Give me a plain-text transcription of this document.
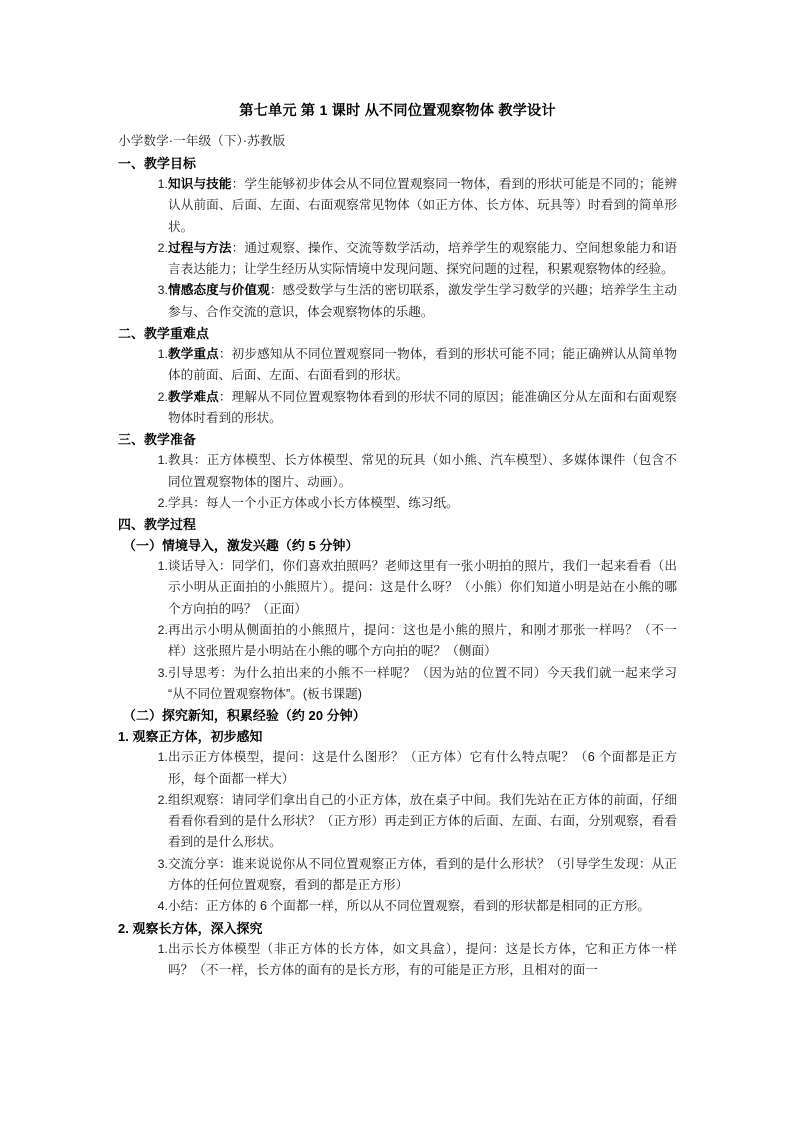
第七单元 第 1 课时 从不同位置观察物体 教学设计
小学数学·一年级（下）·苏教版
一、教学目标
1. 知识与技能：学生能够初步体会从不同位置观察同一物体，看到的形状可能是不同的；能辨认从前面、后面、左面、右面观察常见物体（如正方体、长方体、玩具等）时看到的简单形状。
2. 过程与方法：通过观察、操作、交流等数学活动，培养学生的观察能力、空间想象能力和语言表达能力；让学生经历从实际情境中发现问题、探究问题的过程，积累观察物体的经验。
3. 情感态度与价值观：感受数学与生活的密切联系，激发学生学习数学的兴趣；培养学生主动参与、合作交流的意识，体会观察物体的乐趣。
二、教学重难点
1. 教学重点：初步感知从不同位置观察同一物体，看到的形状可能不同；能正确辨认从简单物体的前面、后面、左面、右面看到的形状。
2. 教学难点：理解从不同位置观察物体看到的形状不同的原因；能准确区分从左面和右面观察物体时看到的形状。
三、教学准备
1. 教具：正方体模型、长方体模型、常见的玩具（如小熊、汽车模型）、多媒体课件（包含不同位置观察物体的图片、动画）。
2. 学具：每人一个小正方体或小长方体模型、练习纸。
四、教学过程
（一）情境导入，激发兴趣（约 5 分钟）
1. 谈话导入：同学们，你们喜欢拍照吗？老师这里有一张小明拍的照片，我们一起来看看（出示小明从正面拍的小熊照片）。提问：这是什么呀？（小熊）你们知道小明是站在小熊的哪个方向拍的吗？（正面）
2. 再出示小明从侧面拍的小熊照片，提问：这也是小熊的照片，和刚才那张一样吗？（不一样）这张照片是小明站在小熊的哪个方向拍的呢？（侧面）
3. 引导思考：为什么拍出来的小熊不一样呢？（因为站的位置不同）今天我们就一起来学习“从不同位置观察物体”。(板书课题)
（二）探究新知，积累经验（约 20 分钟）
1. 观察正方体，初步感知
1. 出示正方体模型，提问：这是什么图形？（正方体）它有什么特点呢？（6 个面都是正方形，每个面都一样大）
2. 组织观察：请同学们拿出自己的小正方体，放在桌子中间。我们先站在正方体的前面，仔细看看你看到的是什么形状？（正方形）再走到正方体的后面、左面、右面，分别观察，看看看到的是什么形状。
3. 交流分享：谁来说说你从不同位置观察正方体，看到的是什么形状？（引导学生发现：从正方体的任何位置观察，看到的都是正方形）
4. 小结：正方体的 6 个面都一样，所以从不同位置观察，看到的形状都是相同的正方形。
2. 观察长方体，深入探究
1. 出示长方体模型（非正方体的长方体，如文具盒），提问：这是长方体，它和正方体一样吗？（不一样，长方体的面有的是长方形，有的可能是正方形，且相对的面一
